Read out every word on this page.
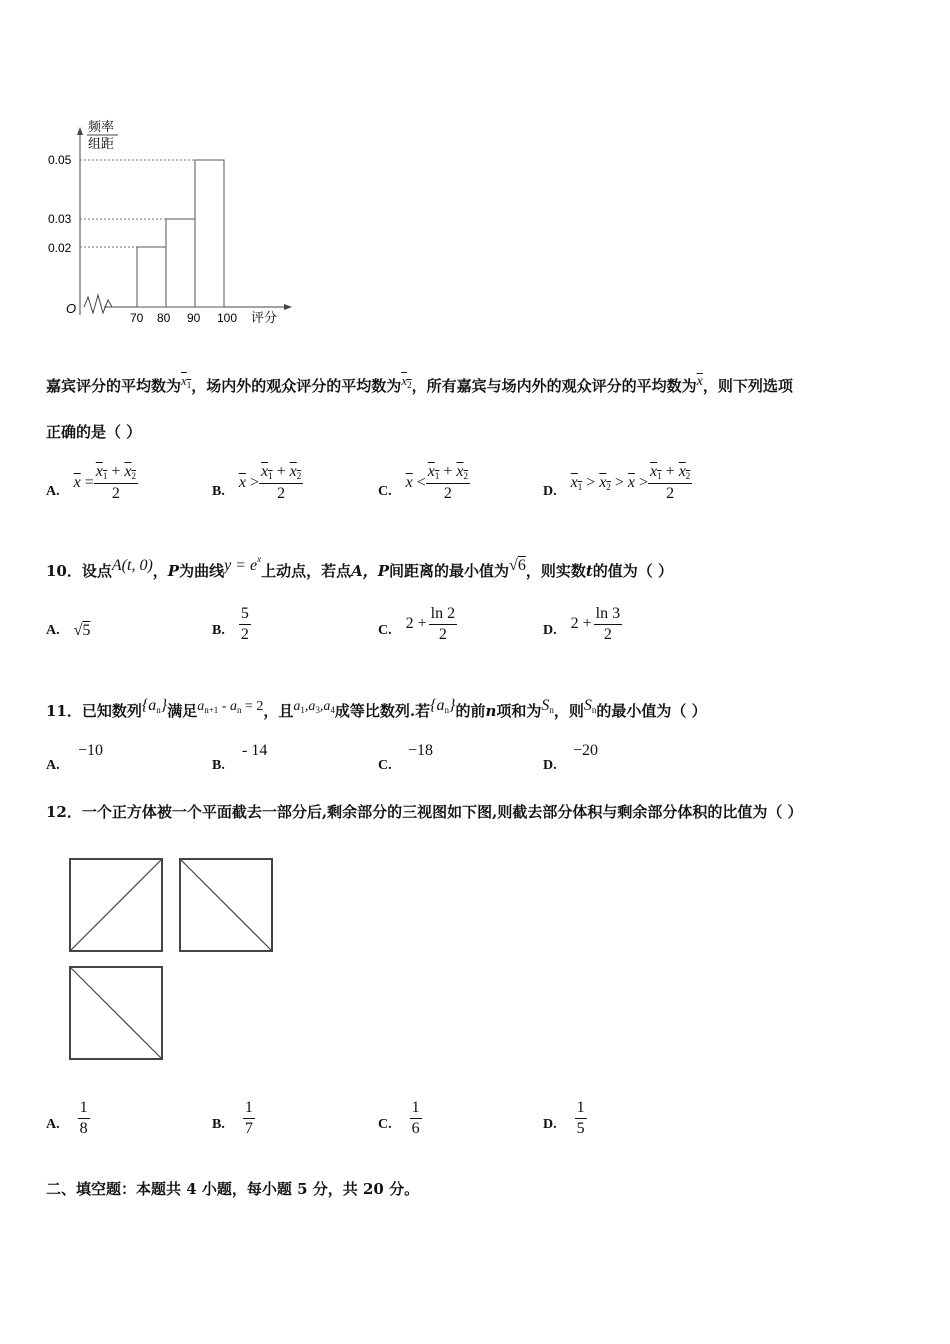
频率
组距
0.05
0.03
0.02
O
70 80 90 100 评分
嘉宾评分的平均数为$x_1$，场内外的观众评分的平均数为$x_2$，所有嘉宾与场内外的观众评分的平均数为$\overline{x}$，则下列选项
正确的是（ ）
A.
$\overline{x} = \frac{x_1 + x_2}{2}$	B.
$\overline{x} > \frac{x_1 + x_2}{2}$	C.
$\overline{x} < \frac{x_1 + x_2}{2}$	D.
$x_1 > x_2 > \overline{x} > \frac{x_1 + x_2}{2}$
10．设点A(t, 0)，P为曲线$y = e^x$上动点，若点A，P间距离的最小值为√6，则实数t的值为（ ）
A. √5	B. $\frac{5}{2}$	C. $2 + \frac{\ln 2}{2}$	D. $2 + \frac{\ln 3}{2}$
11．已知数列$\{a_n\}$满足$a_{n+1} - a_n = 2$，且$a_1,a_3,a_4$成等比数列.若$\{a_n\}$的前n项和为$S_n$，则$S_n$的最小值为（ ）
A.
−10
B.
- 14
C.
−18
D.
−20
12．一个正方体被一个平面截去一部分后,剩余部分的三视图如下图,则截去部分体积与剩余部分体积的比值为（ ）
A. $\frac{1}{8}$	B. $\frac{1}{7}$	C. $\frac{1}{6}$	D. $\frac{1}{5}$
二、填空题：本题共 4 小题，每小题 5 分，共 20 分。
